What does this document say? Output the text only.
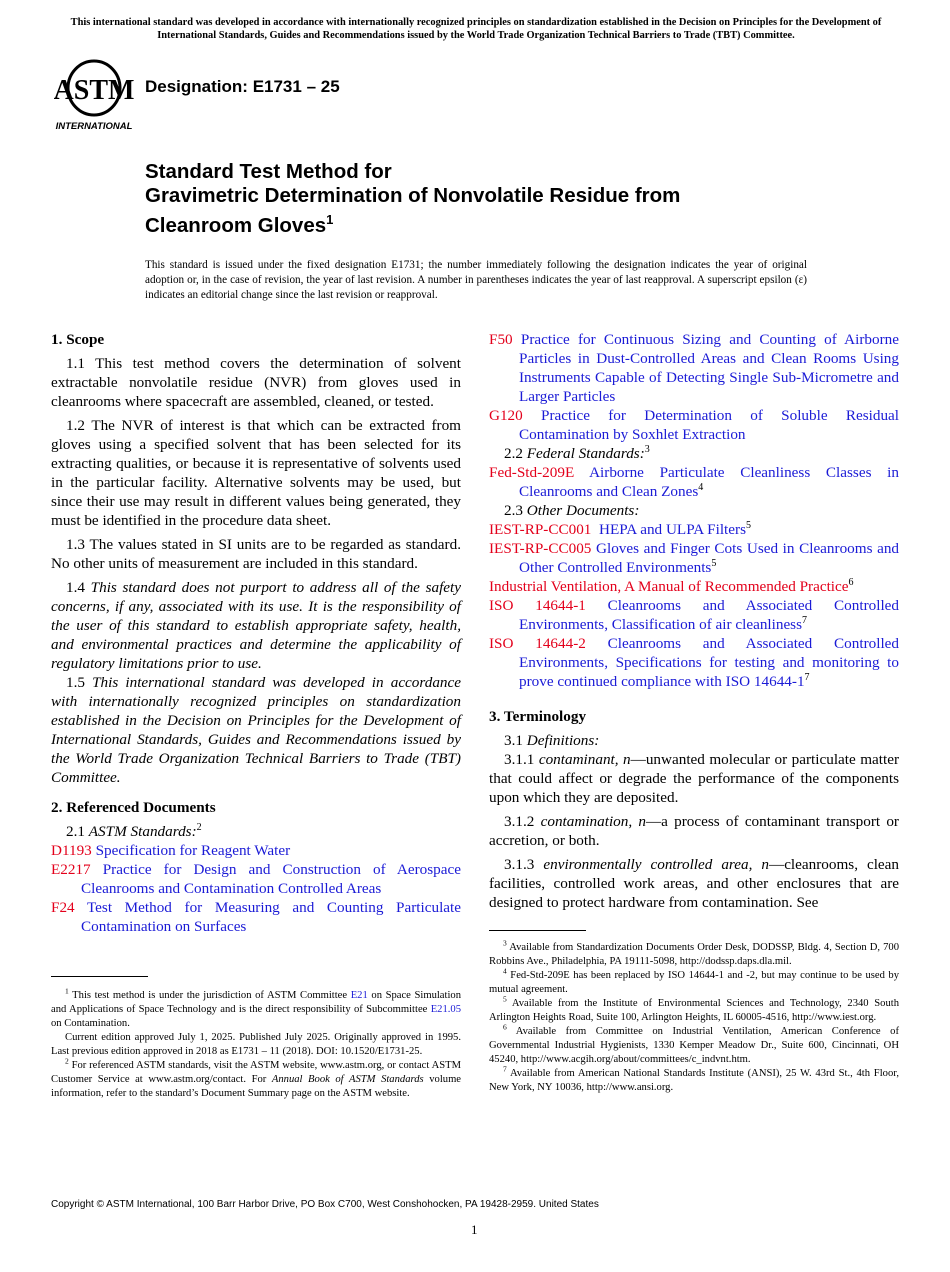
This international standard was developed in accordance with internationally recognized principles on standardization established in the Decision on Principles for the Development of International Standards, Guides and Recommendations issued by the World Trade Organization Technical Barriers to Trade (TBT) Committee.
ASTM
INTERNATIONAL
Designation: E1731 – 25
Standard Test Method for
Gravimetric Determination of Nonvolatile Residue from
Cleanroom Gloves$^1$
This standard is issued under the fixed designation E1731; the number immediately following the designation indicates the year of original adoption or, in the case of revision, the year of last revision. A number in parentheses indicates the year of last reapproval. A superscript epsilon (ε) indicates an editorial change since the last revision or reapproval.
1. Scope

1.1 This test method covers the determination of solvent extractable nonvolatile residue (NVR) from gloves used in cleanrooms where spacecraft are assembled, cleaned, or tested.

1.2 The NVR of interest is that which can be extracted from gloves using a specified solvent that has been selected for its extracting qualities, or because it is representative of solvents used in the particular facility. Alternative solvents may be used, but since their use may result in different values being generated, they must be identified in the procedure data sheet.

1.3 The values stated in SI units are to be regarded as standard. No other units of measurement are included in this standard.

1.4 This standard does not purport to address all of the safety concerns, if any, associated with its use. It is the responsibility of the user of this standard to establish appropriate safety, health, and environmental practices and determine the applicability of regulatory limitations prior to use.

1.5 This international standard was developed in accordance with internationally recognized principles on standardization established in the Decision on Principles for the Development of International Standards, Guides and Recommendations issued by the World Trade Organization Technical Barriers to Trade (TBT) Committee.

2. Referenced Documents

2.1 ASTM Standards:$^2$

D1193 Specification for Reagent Water
E2217 Practice for Design and Construction of Aerospace Cleanrooms and Contamination Controlled Areas
F24 Test Method for Measuring and Counting Particulate Contamination on Surfaces

$^1$ This test method is under the jurisdiction of ASTM Committee E21 on Space Simulation and Applications of Space Technology and is the direct responsibility of Subcommittee E21.05 on Contamination.

Current edition approved July 1, 2025. Published July 2025. Originally approved in 1995. Last previous edition approved in 2018 as E1731 – 11 (2018). DOI: 10.1520/E1731-25.

$^2$ For referenced ASTM standards, visit the ASTM website, www.astm.org, or contact ASTM Customer Service at www.astm.org/contact. For Annual Book of ASTM Standards volume information, refer to the standard’s Document Summary page on the ASTM website.

F50 Practice for Continuous Sizing and Counting of Airborne Particles in Dust-Controlled Areas and Clean Rooms Using Instruments Capable of Detecting Single Sub-Micrometre and Larger Particles
G120 Practice for Determination of Soluble Residual Contamination by Soxhlet Extraction

2.2 Federal Standards:$^3$

Fed-Std-209E Airborne Particulate Cleanliness Classes in Cleanrooms and Clean Zones$^4$

2.3 Other Documents:

IEST-RP-CC001 HEPA and ULPA Filters$^5$
IEST-RP-CC005 Gloves and Finger Cots Used in Cleanrooms and Other Controlled Environments$^5$
Industrial Ventilation, A Manual of Recommended Practice$^6$
ISO 14644-1 Cleanrooms and Associated Controlled Environments, Classification of air cleanliness$^7$
ISO 14644-2 Cleanrooms and Associated Controlled Environments, Specifications for testing and monitoring to prove continued compliance with ISO $14644-1^7$
3. Terminology

3.1 Definitions:

3.1.1 contaminant, n—unwanted molecular or particulate matter that could affect or degrade the performance of the components upon which they are deposited.

3.1.2 contamination, n—a process of contaminant transport or accretion, or both.

3.1.3 environmentally controlled area, n—cleanrooms, clean facilities, controlled work areas, and other enclosures that are designed to protect hardware from contamination. See

$^3$ Available from Standardization Documents Order Desk, DODSSP, Bldg. 4, Section D, 700 Robbins Ave., Philadelphia, PA 19111-5098, http://dodssp.daps.dla.mil.

$^4$ Fed-Std-209E has been replaced by ISO 14644-1 and -2, but may continue to be used by mutual agreement.

$^5$ Available from the Institute of Environmental Sciences and Technology, 2340 South Arlington Heights Road, Suite 100, Arlington Heights, IL 60005-4516, http://www.iest.org.

$^6$ Available from Committee on Industrial Ventilation, American Conference of Governmental Industrial Hygienists, 1330 Kemper Meadow Dr., Suite 600, Cincinnati, OH 45240, http://www.acgih.org/about/committees/c_indvnt.htm.

$^7$ Available from American National Standards Institute (ANSI), 25 W. 43rd St., 4th Floor, New York, NY 10036, http://www.ansi.org.

Copyright © ASTM International, 100 Barr Harbor Drive, PO Box C700, West Conshohocken, PA 19428-2959. United States
1
